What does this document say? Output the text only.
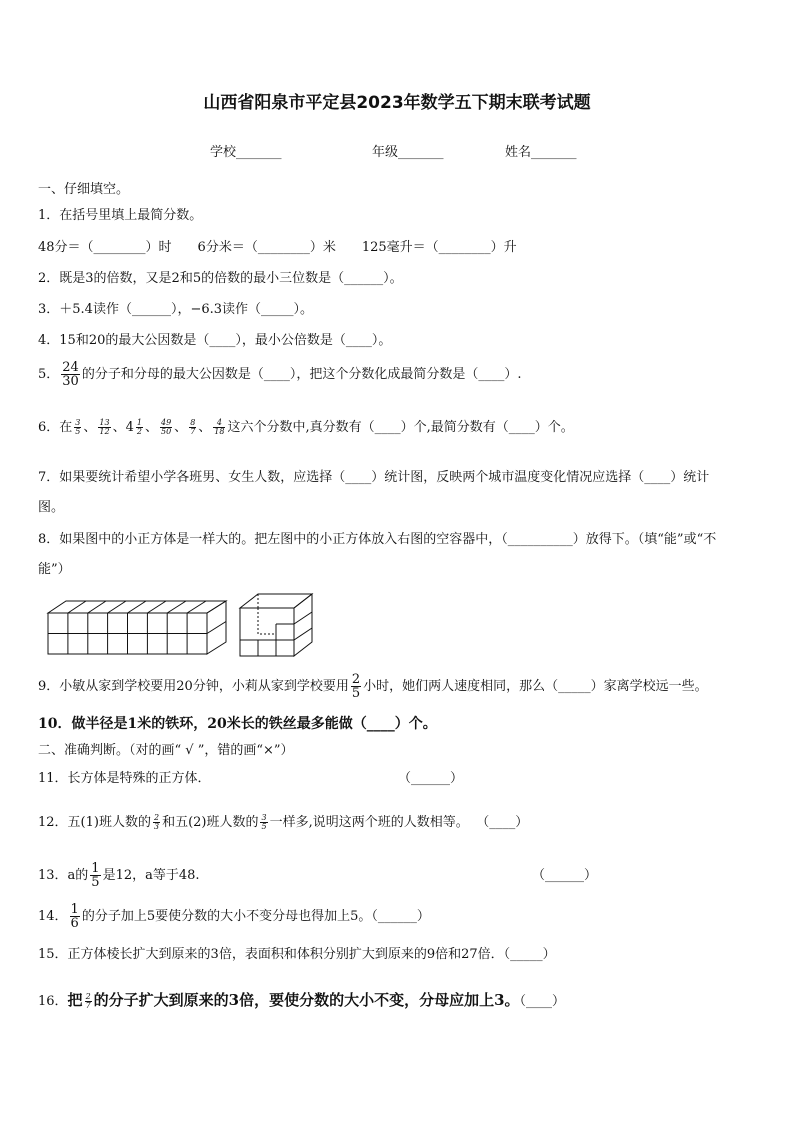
山西省阳泉市平定县2023年数学五下期末联考试题
学校_______	年级_______	姓名_______
一、仔细填空。
1．在括号里填上最简分数。
48分＝（________）时　　6分米＝（________）米　　125毫升＝（________）升
2．既是3的倍数，又是2和5的倍数的最小三位数是（______）。
3．＋5.4读作（______），−6.3读作（_____）。
4．15和20的最大公因数是（____），最小公倍数是（____）。
5． $\frac{24}{30}$ 的分子和分母的最大公因数是（____），把这个分数化成最简分数是（____）.
6．在 $\frac{3}{5}$ 、 $\frac{13}{12}$ 、$4 \frac{1}{2}$ 、 $\frac{49}{50}$ 、 $\frac{8}{7}$ 、 $\frac{4}{18}$ 这六个分数中,真分数有（____）个,最简分数有（____）个。
7．如果要统计希望小学各班男、女生人数，应选择（____）统计图，反映两个城市温度变化情况应选择（____）统计
图。
8．如果图中的小正方体是一样大的。把左图中的小正方体放入右图的空容器中，（__________）放得下。（填“能”或“不
能”）
9．小敏从家到学校要用20分钟，小莉从家到学校要用 $\frac{2}{5}$ 小时，她们两人速度相同，那么（_____）家离学校远一些。
10．做半径是1米的铁环，20米长的铁丝最多能做（____）个。
二、准确判断。（对的画“ √ ”，错的画“×”）
11．长方体是特殊的正方体．	（______）
12．五(1)班人数的 $\frac{2}{3}$ 和五(2)班人数的 $\frac{3}{5}$ 一样多,说明这两个班的人数相等。 （____）
13．a的 $\frac{1}{5}$ 是12，a等于48.	（______）
14． $\frac{1}{6}$ 的分子加上5要使分数的大小不变分母也得加上5。（______）
15．正方体棱长扩大到原来的3倍，表面积和体积分别扩大到原来的9倍和27倍．（_____）
16．把 $\frac{2}{7}$ 的分子扩大到原来的3倍，要使分数的大小不变，分母应加上3。（____）
